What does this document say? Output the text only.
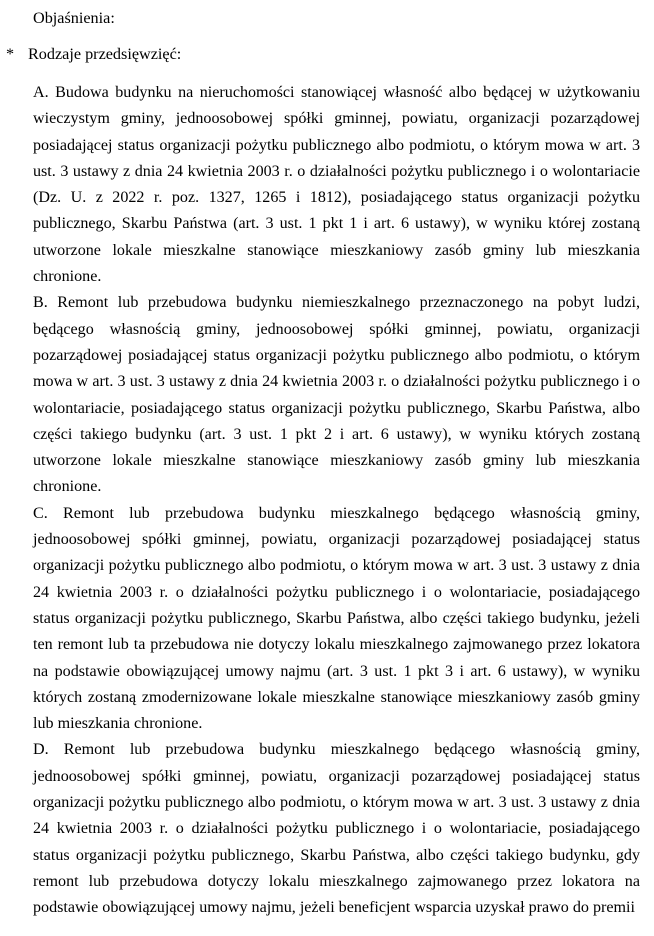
Objaśnienia:
* Rodzaje przedsięwzięć:

A. Budowa budynku na nieruchomości stanowiącej własność albo będącej w użytkowaniu wieczystym gminy, jednoosobowej spółki gminnej, powiatu, organizacji pozarządowej posiadającej status organizacji pożytku publicznego albo podmiotu, o którym mowa w art. 3 ust. 3 ustawy z dnia 24 kwietnia 2003 r. o działalności pożytku publicznego i o wolontariacie (Dz. U. z 2022 r. poz. 1327, 1265 i 1812), posiadającego status organizacji pożytku publicznego, Skarbu Państwa (art. 3 ust. 1 pkt 1 i art. 6 ustawy), w wyniku której zostaną utworzone lokale mieszkalne stanowiące mieszkaniowy zasób gminy lub mieszkania chronione.

B. Remont lub przebudowa budynku niemieszkalnego przeznaczonego na pobyt ludzi, będącego własnością gminy, jednoosobowej spółki gminnej, powiatu, organizacji pozarządowej posiadającej status organizacji pożytku publicznego albo podmiotu, o którym mowa w art. 3 ust. 3 ustawy z dnia 24 kwietnia 2003 r. o działalności pożytku publicznego i o wolontariacie, posiadającego status organizacji pożytku publicznego, Skarbu Państwa, albo części takiego budynku (art. 3 ust. 1 pkt 2 i art. 6 ustawy), w wyniku których zostaną utworzone lokale mieszkalne stanowiące mieszkaniowy zasób gminy lub mieszkania chronione.

C. Remont lub przebudowa budynku mieszkalnego będącego własnością gminy, jednoosobowej spółki gminnej, powiatu, organizacji pozarządowej posiadającej status organizacji pożytku publicznego albo podmiotu, o którym mowa w art. 3 ust. 3 ustawy z dnia 24 kwietnia 2003 r. o działalności pożytku publicznego i o wolontariacie, posiadającego status organizacji pożytku publicznego, Skarbu Państwa, albo części takiego budynku, jeżeli ten remont lub ta przebudowa nie dotyczy lokalu mieszkalnego zajmowanego przez lokatora na podstawie obowiązującej umowy najmu (art. 3 ust. 1 pkt 3 i art. 6 ustawy), w wyniku których zostaną zmodernizowane lokale mieszkalne stanowiące mieszkaniowy zasób gminy lub mieszkania chronione.

D. Remont lub przebudowa budynku mieszkalnego będącego własnością gminy, jednoosobowej spółki gminnej, powiatu, organizacji pozarządowej posiadającej status organizacji pożytku publicznego albo podmiotu, o którym mowa w art. 3 ust. 3 ustawy z dnia 24 kwietnia 2003 r. o działalności pożytku publicznego i o wolontariacie, posiadającego status organizacji pożytku publicznego, Skarbu Państwa, albo części takiego budynku, gdy remont lub przebudowa dotyczy lokalu mieszkalnego zajmowanego przez lokatora na podstawie obowiązującej umowy najmu, jeżeli beneficjent wsparcia uzyskał prawo do premii
